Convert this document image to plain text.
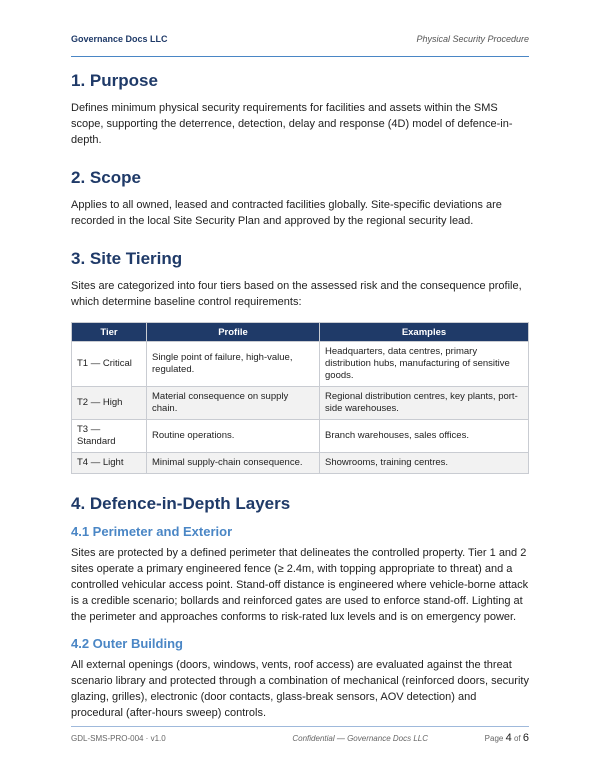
Governance Docs LLC	Physical Security Procedure
1. Purpose

Defines minimum physical security requirements for facilities and assets within the SMS scope, supporting the deterrence, detection, delay and response (4D) model of defence-in-depth.

2. Scope

Applies to all owned, leased and contracted facilities globally. Site-specific deviations are recorded in the local Site Security Plan and approved by the regional security lead.

3. Site Tiering

Sites are categorized into four tiers based on the assessed risk and the consequence profile, which determine baseline control requirements:

Tier	Profile	Examples
T1 — Critical	Single point of failure, high-value, regulated.	Headquarters, data centres, primary distribution hubs, manufacturing of sensitive goods.
T2 — High	Material consequence on supply chain.	Regional distribution centres, key plants, port-side warehouses.
T3 — Standard	Routine operations.	Branch warehouses, sales offices.
T4 — Light	Minimal supply-chain consequence.	Showrooms, training centres.
4. Defence-in-Depth Layers
4.1 Perimeter and Exterior

Sites are protected by a defined perimeter that delineates the controlled property. Tier 1 and 2 sites operate a primary engineered fence (≥ 2.4m, with topping appropriate to threat) and a controlled vehicular access point. Stand-off distance is engineered where vehicle-borne attack is a credible scenario; bollards and reinforced gates are used to enforce stand-off. Lighting at the perimeter and approaches conforms to risk-rated lux levels and is on emergency power.

4.2 Outer Building

All external openings (doors, windows, vents, roof access) are evaluated against the threat scenario library and protected through a combination of mechanical (reinforced doors, security glazing, grilles), electronic (door contacts, glass-break sensors, AOV detection) and procedural (after-hours sweep) controls.

GDL-SMS-PRO-004 · v1.0	Confidential — Governance Docs LLC	Page 4 of 6
